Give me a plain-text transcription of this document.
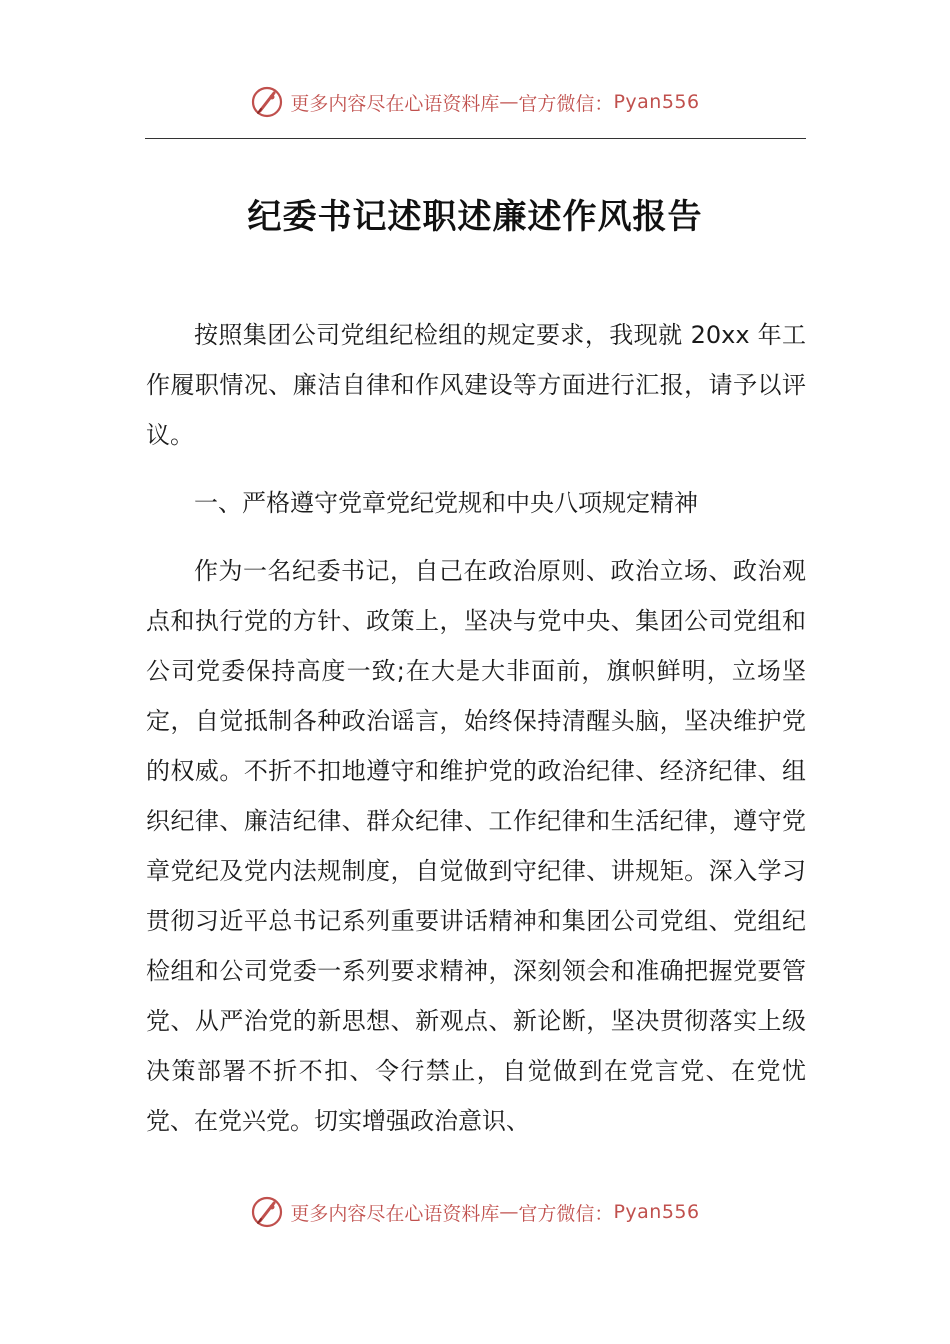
更多内容尽在心语资料库 — 官方微信： Pyan556
纪委书记述职述廉述作风报告

按照集团公司党组纪检组的规定要求，我现就 20xx 年工作履职情况、廉洁自律和作风建设等方面进行汇报，请予以评议。

一、严格遵守党章党纪党规和中央八项规定精神

作为一名纪委书记，自己在政治原则、政治立场、政治观点和执行党的方针、政策上，坚决与党中央、集团公司党组和公司党委保持高度一致;在大是大非面前，旗帜鲜明，立场坚定，自觉抵制各种政治谣言，始终保持清醒头脑，坚决维护党的权威。不折不扣地遵守和维护党的政治纪律、经济纪律、组织纪律、廉洁纪律、群众纪律、工作纪律和生活纪律，遵守党章党纪及党内法规制度，自觉做到守纪律、讲规矩。深入学习贯彻习近平总书记系列重要讲话精神和集团公司党组、党组纪检组和公司党委一系列要求精神，深刻领会和准确把握党要管党、从严治党的新思想、新观点、新论断，坚决贯彻落实上级决策部署不折不扣、令行禁止，自觉做到在党言党、在党忧党、在党兴党。切实增强政治意识、

更多内容尽在心语资料库 — 官方微信： Pyan556
